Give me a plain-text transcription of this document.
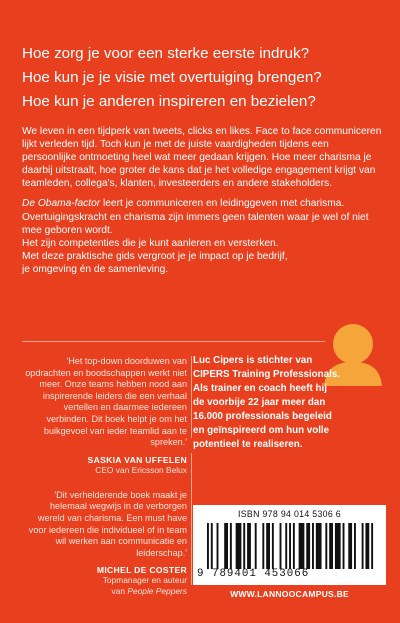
Hoe zorg je voor een sterke eerste indruk?

Hoe kun je je visie met overtuiging brengen?

Hoe kun je anderen inspireren en bezielen?

We leven in een tijdperk van tweets, clicks en likes. Face to face communiceren lijkt verleden tijd. Toch kun je met de juiste vaardigheden tijdens een persoonlijke ontmoeting heel wat meer gedaan krijgen. Hoe meer charisma je daarbij uitstraalt, hoe groter de kans dat je het volledige engagement krijgt van teamleden, collega's, klanten, investeerders en andere stakeholders.

De Obama-factor leert je communiceren en leidinggeven met charisma. Overtuigingskracht en charisma zijn immers geen talenten waar je wel of niet mee geboren wordt.
Het zijn competenties die je kunt aanleren en versterken.
Met deze praktische gids vergroot je je impact op je bedrijf,
je omgeving én de samenleving.

'Het top-down doorduwen van opdrachten en boodschappen werkt niet meer. Onze teams hebben nood aan inspirerende leiders die een verhaal vertellen en daarmee iedereen verbinden. Dit boek helpt je om het buikgevoel van ieder teamlid aan te spreken.'

SASKIA VAN UFFELEN
CEO van Ericsson Belux

'Dit verhelderende boek maakt je helemaal wegwijs in de verborgen wereld van charisma. Een must have voor iedereen die individueel of in team wil werken aan communicatie en leiderschap.'

MICHEL DE COSTER
Topmanager en auteur
van People Peppers
Luc Cipers is stichter van
CIPERS Training Professionals.
Als trainer en coach heeft hij
de voorbije 22 jaar meer dan
16.000 professionals begeleid
en geïnspireerd om hun volle
potentieel te realiseren.
ISBN 978 94 014 5306 6
9 789401 453066
WWW.LANNOOCAMPUS.BE
